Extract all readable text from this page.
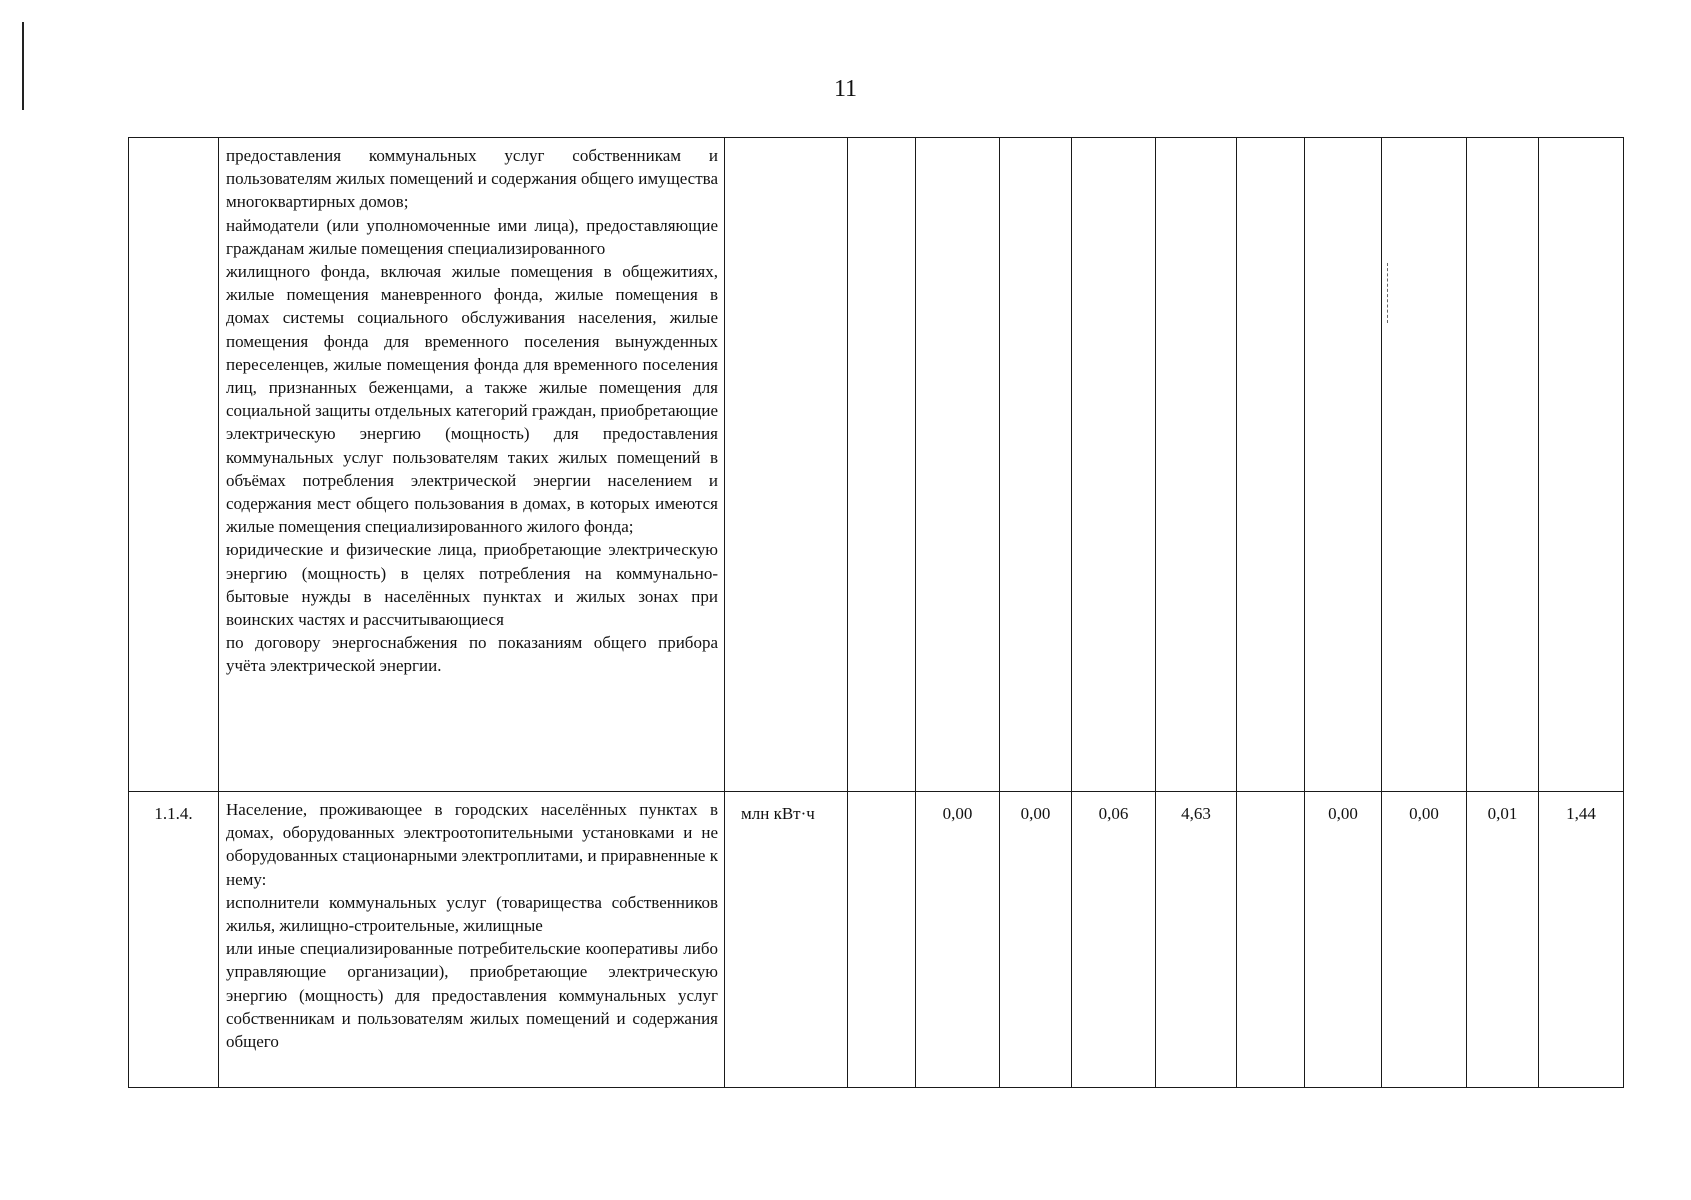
11

	предоставления коммунальных услуг собственникам и пользователям жилых помещений и содержания общего имущества многоквартирных домов;

наймодатели (или уполномоченные ими лица), предоставляющие гражданам жилые помещения специализированного

жилищного фонда, включая жилые помещения в общежитиях, жилые помещения маневренного фонда, жилые помещения в домах системы социального обслуживания населения, жилые помещения фонда для временного поселения вынужденных переселенцев, жилые помещения фонда для временного поселения лиц, признанных беженцами, а также жилые помещения для социальной защиты отдельных категорий граждан, приобретающие электрическую энергию (мощность) для предоставления коммунальных услуг пользователям таких жилых помещений в объёмах потребления электрической энергии населением и содержания мест общего пользования в домах, в которых имеются жилые помещения специализированного жилого фонда;

юридические и физические лица, приобретающие электрическую энергию (мощность) в целях потребления на коммунально-бытовые нужды в населённых пунктах и жилых зонах при воинских частях и рассчитывающиеся

по договору энергоснабжения по показаниям общего прибора учёта электрической энергии.											

1.1.4.	Население, проживающее в городских населённых пунктах в домах, оборудованных электроотопительными установками и не оборудованных стационарными электроплитами, и приравненные к нему:

исполнители коммунальных услуг (товарищества собственников жилья, жилищно-строительные, жилищные

или иные специализированные потребительские кооперативы либо управляющие организации), приобретающие электрическую энергию (мощность) для предоставления коммунальных услуг собственникам и пользователям жилых помещений и содержания общего	млн кВт·ч		0,00	0,00	0,06	4,63		0,00	0,00	0,01	1,44
